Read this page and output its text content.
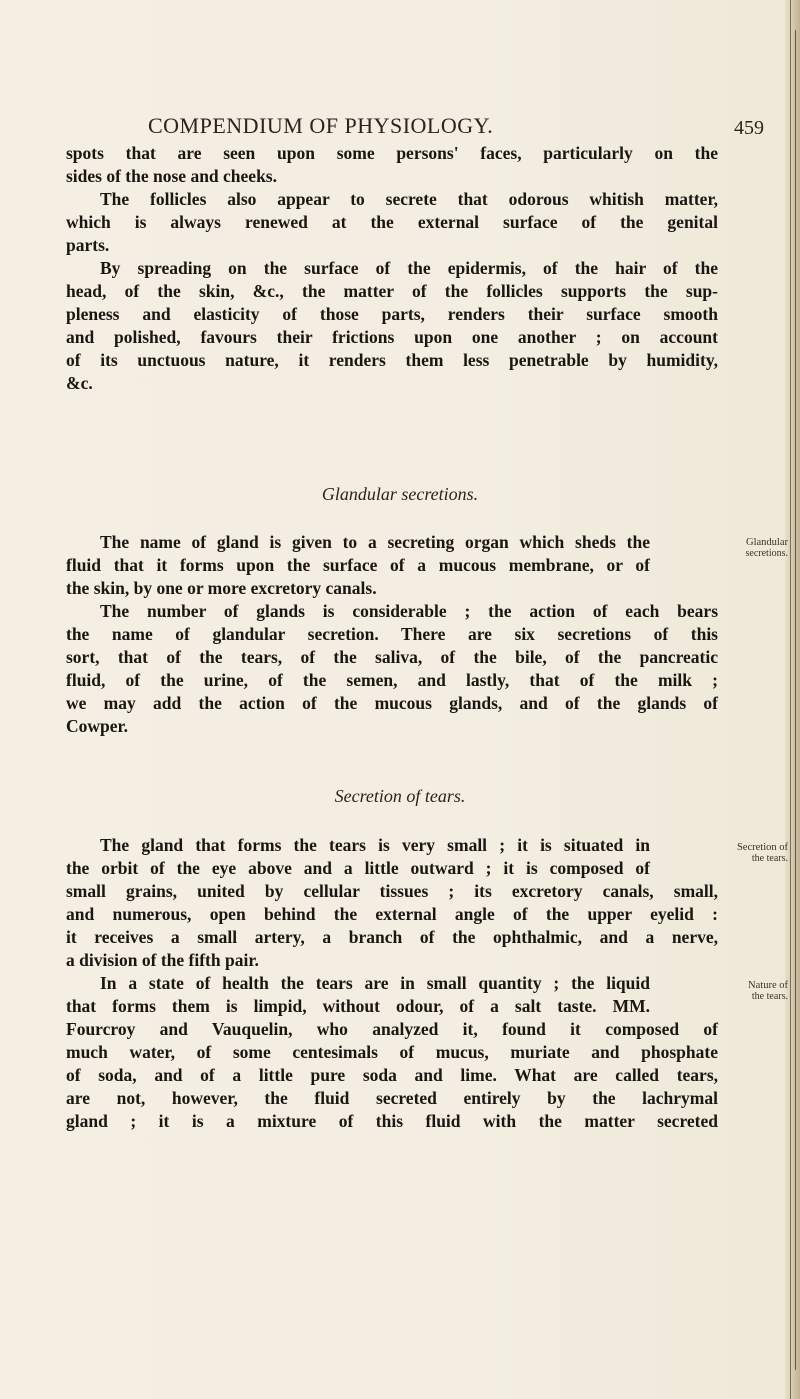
COMPENDIUM OF PHYSIOLOGY.	459
spots that are seen upon some persons' faces, particularly on the
sides of the nose and cheeks.
The follicles also appear to secrete that odorous whitish matter,
which is always renewed at the external surface of the genital
parts.
By spreading on the surface of the epidermis, of the hair of the
head, of the skin, &c., the matter of the follicles supports the sup-
pleness and elasticity of those parts, renders their surface smooth
and polished, favours their frictions upon one another ; on account
of its unctuous nature, it renders them less penetrable by humidity,
&c.
Glandular secretions.
The name of gland is given to a secreting organ which sheds the
fluid that it forms upon the surface of a mucous membrane, or of
the skin, by one or more excretory canals.
The number of glands is considerable ; the action of each bears
the name of glandular secretion. There are six secretions of this
sort, that of the tears, of the saliva, of the bile, of the pancreatic
fluid, of the urine, of the semen, and lastly, that of the milk ;
we may add the action of the mucous glands, and of the glands of
Cowper.
Glandular
secretions.
Secretion of tears.
The gland that forms the tears is very small ; it is situated in
the orbit of the eye above and a little outward ; it is composed of
small grains, united by cellular tissues ; its excretory canals, small,
and numerous, open behind the external angle of the upper eyelid :
it receives a small artery, a branch of the ophthalmic, and a nerve,
a division of the fifth pair.
In a state of health the tears are in small quantity ; the liquid
that forms them is limpid, without odour, of a salt taste. MM.
Fourcroy and Vauquelin, who analyzed it, found it composed of
much water, of some centesimals of mucus, muriate and phosphate
of soda, and of a little pure soda and lime. What are called tears,
are not, however, the fluid secreted entirely by the lachrymal
gland ; it is a mixture of this fluid with the matter secreted
Secretion of
the tears.
Nature of
the tears.
